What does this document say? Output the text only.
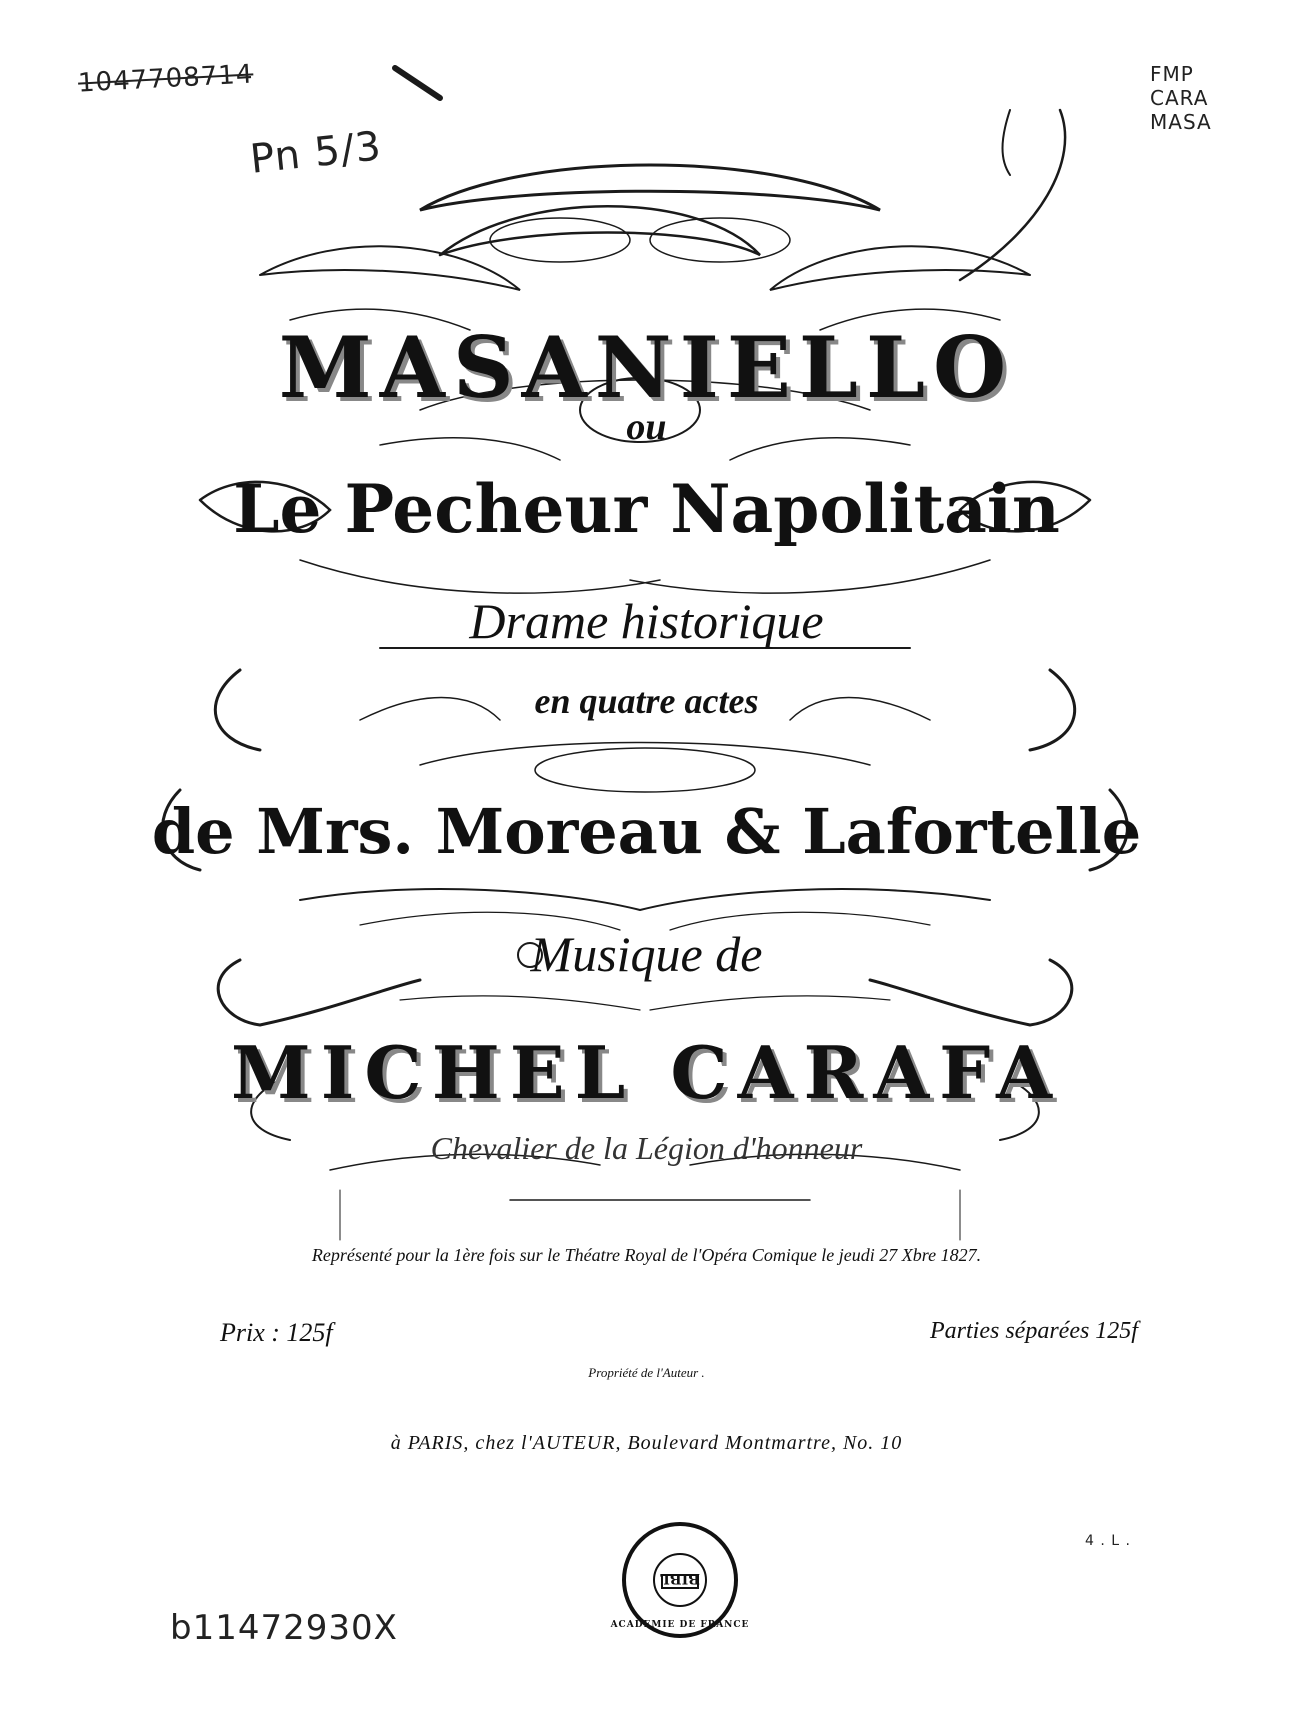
1047708714
Pn 5/3
FMP
CARA
MASA
MASANIELLO
ou
Le Pecheur Napolitain
Drame historique
en quatre actes
de Mrs. Moreau & Lafortelle
Musique de
MICHEL CARAFA
Chevalier de la Légion d'honneur
Représenté pour la 1ère fois sur le Théatre Royal de l'Opéra Comique le jeudi 27 Xbre 1827.
Prix : 125f	Parties séparées 125f
Propriété de l'Auteur .
à PARIS, chez l'AUTEUR, Boulevard Montmartre, No. 10
4 . L .
BIBL
ACADEMIE DE FRANCE
b11472930X
